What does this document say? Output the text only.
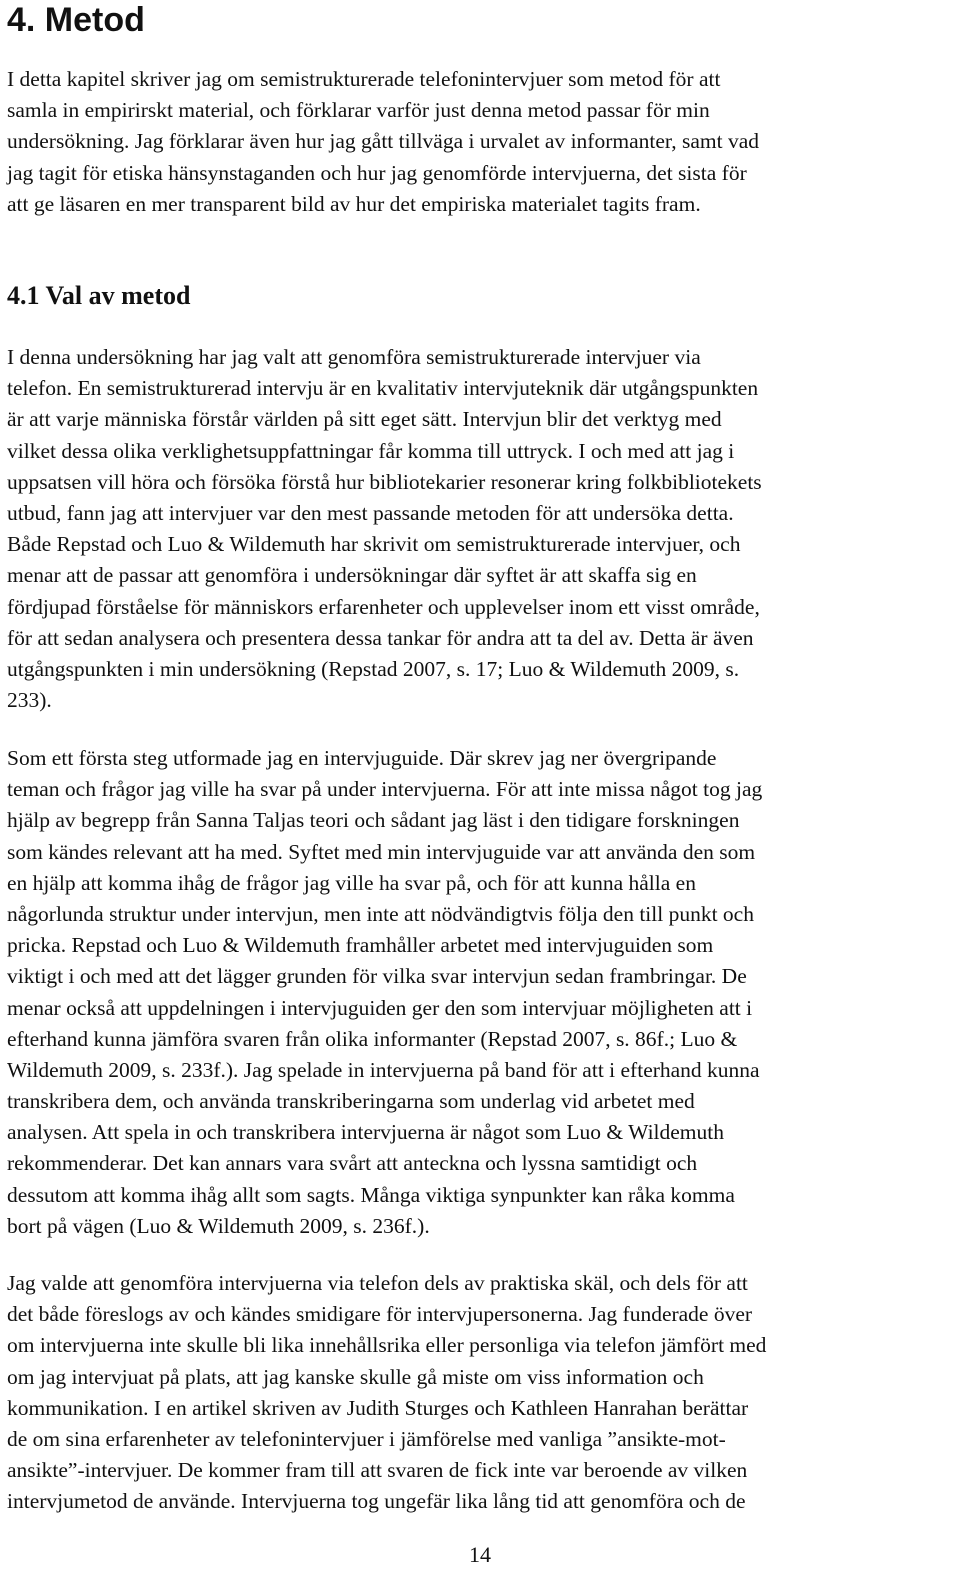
4. Metod
I detta kapitel skriver jag om semistrukturerade telefonintervjuer som metod för att
samla in empirirskt material, och förklarar varför just denna metod passar för min
undersökning. Jag förklarar även hur jag gått tillväga i urvalet av informanter, samt vad
jag tagit för etiska hänsynstaganden och hur jag genomförde intervjuerna, det sista för
att ge läsaren en mer transparent bild av hur det empiriska materialet tagits fram.
4.1 Val av metod
I denna undersökning har jag valt att genomföra semistrukturerade intervjuer via
telefon. En semistrukturerad intervju är en kvalitativ intervjuteknik där utgångspunkten
är att varje människa förstår världen på sitt eget sätt. Intervjun blir det verktyg med
vilket dessa olika verklighetsuppfattningar får komma till uttryck. I och med att jag i
uppsatsen vill höra och försöka förstå hur bibliotekarier resonerar kring folkbibliotekets
utbud, fann jag att intervjuer var den mest passande metoden för att undersöka detta.
Både Repstad och Luo & Wildemuth har skrivit om semistrukturerade intervjuer, och
menar att de passar att genomföra i undersökningar där syftet är att skaffa sig en
fördjupad förståelse för människors erfarenheter och upplevelser inom ett visst område,
för att sedan analysera och presentera dessa tankar för andra att ta del av. Detta är även
utgångspunkten i min undersökning (Repstad 2007, s. 17; Luo & Wildemuth 2009, s.
233).
Som ett första steg utformade jag en intervjuguide. Där skrev jag ner övergripande
teman och frågor jag ville ha svar på under intervjuerna. För att inte missa något tog jag
hjälp av begrepp från Sanna Taljas teori och sådant jag läst i den tidigare forskningen
som kändes relevant att ha med. Syftet med min intervjuguide var att använda den som
en hjälp att komma ihåg de frågor jag ville ha svar på, och för att kunna hålla en
någorlunda struktur under intervjun, men inte att nödvändigtvis följa den till punkt och
pricka. Repstad och Luo & Wildemuth framhåller arbetet med intervjuguiden som
viktigt i och med att det lägger grunden för vilka svar intervjun sedan frambringar. De
menar också att uppdelningen i intervjuguiden ger den som intervjuar möjligheten att i
efterhand kunna jämföra svaren från olika informanter (Repstad 2007, s. 86f.; Luo &
Wildemuth 2009, s. 233f.). Jag spelade in intervjuerna på band för att i efterhand kunna
transkribera dem, och använda transkriberingarna som underlag vid arbetet med
analysen. Att spela in och transkribera intervjuerna är något som Luo & Wildemuth
rekommenderar. Det kan annars vara svårt att anteckna och lyssna samtidigt och
dessutom att komma ihåg allt som sagts. Många viktiga synpunkter kan råka komma
bort på vägen (Luo & Wildemuth 2009, s. 236f.).
Jag valde att genomföra intervjuerna via telefon dels av praktiska skäl, och dels för att
det både föreslogs av och kändes smidigare för intervjupersonerna. Jag funderade över
om intervjuerna inte skulle bli lika innehållsrika eller personliga via telefon jämfört med
om jag intervjuat på plats, att jag kanske skulle gå miste om viss information och
kommunikation. I en artikel skriven av Judith Sturges och Kathleen Hanrahan berättar
de om sina erfarenheter av telefonintervjuer i jämförelse med vanliga ”ansikte-mot-
ansikte”-intervjuer. De kommer fram till att svaren de fick inte var beroende av vilken
intervjumetod de använde. Intervjuerna tog ungefär lika lång tid att genomföra och de
14
